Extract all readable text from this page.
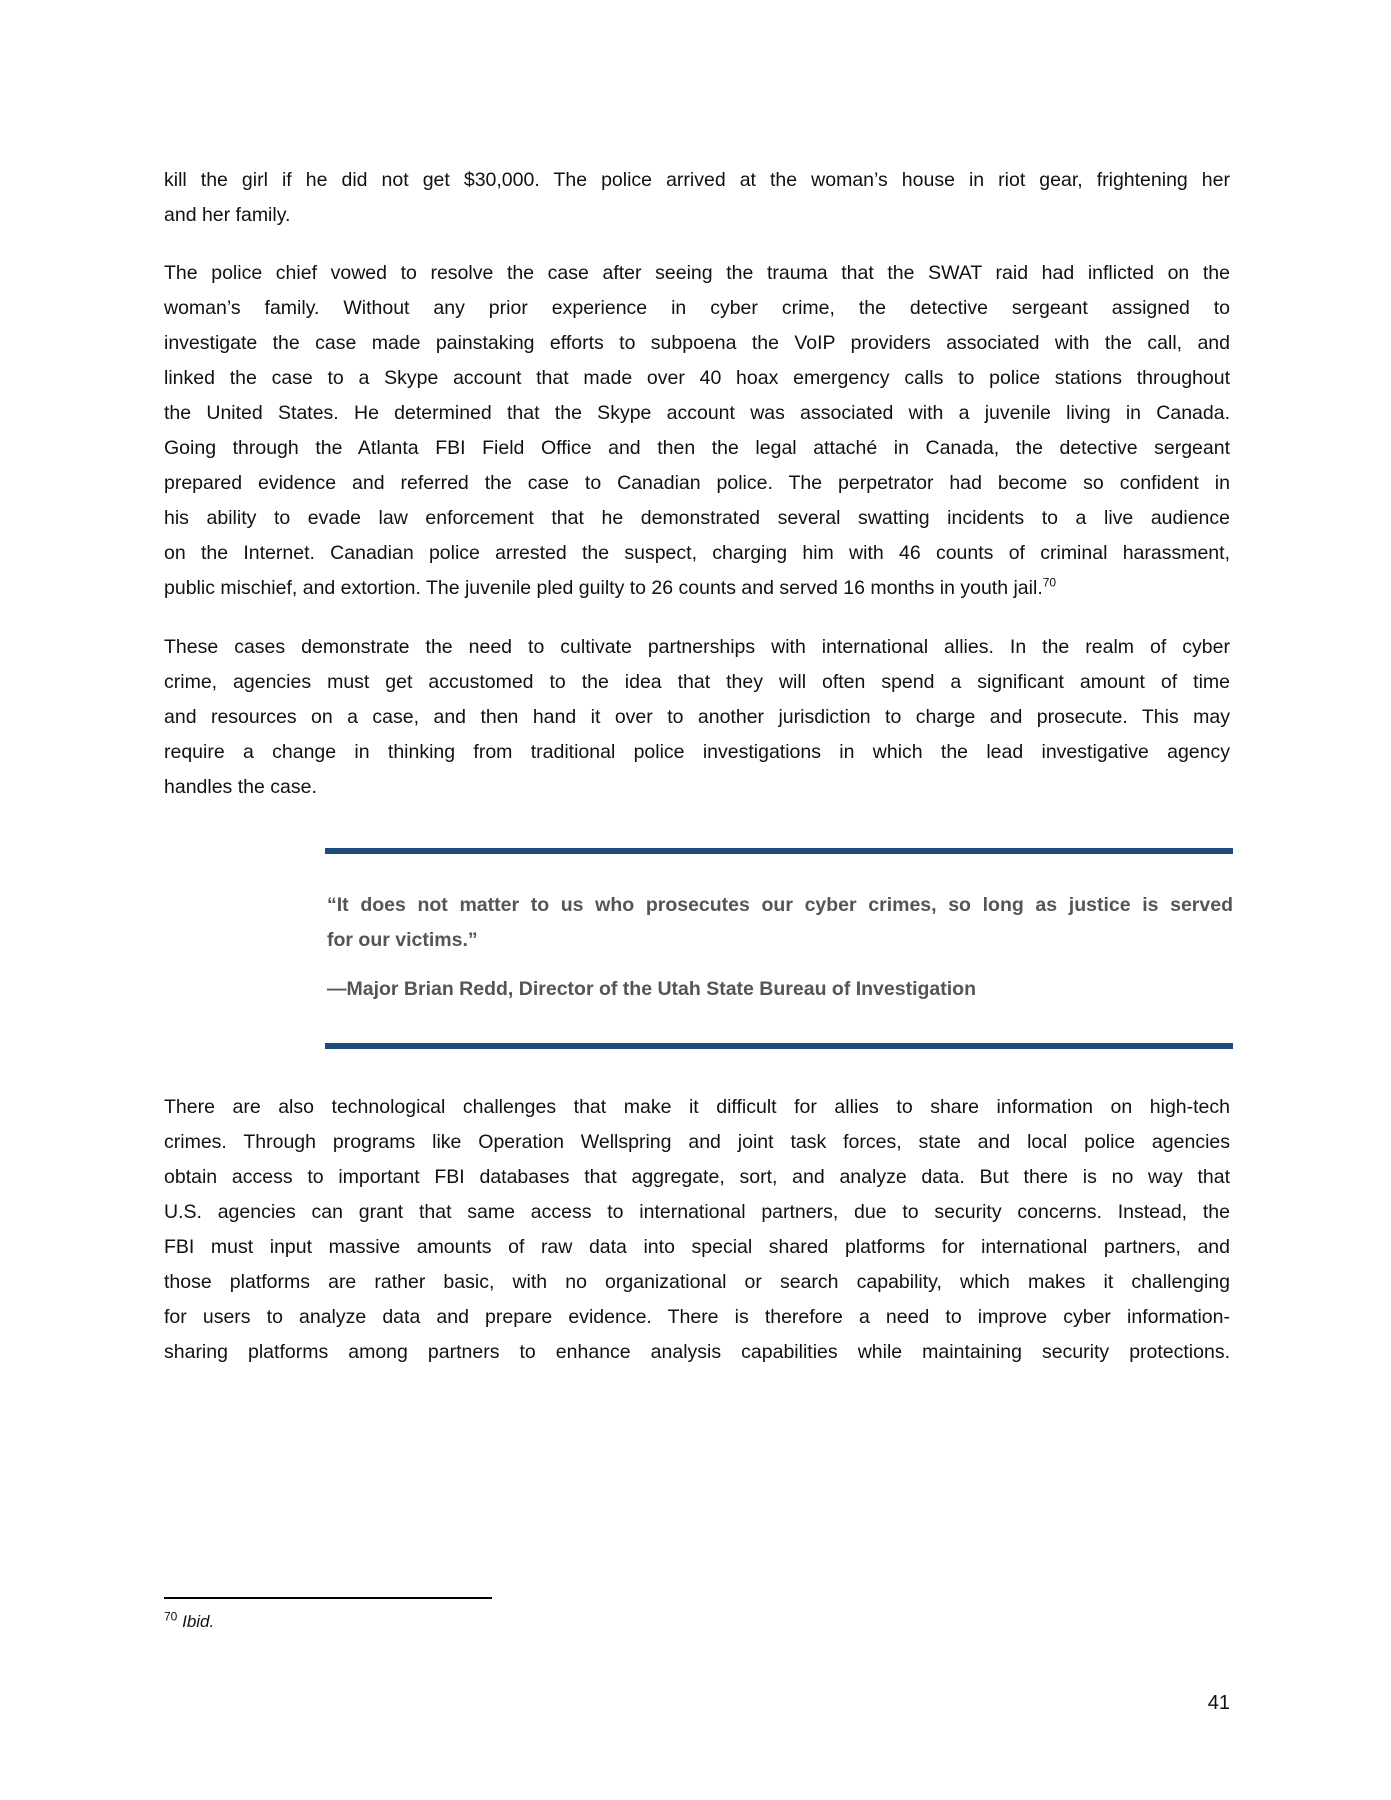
kill the girl if he did not get $30,000. The police arrived at the woman’s house in riot gear, frightening her
and her family.
The police chief vowed to resolve the case after seeing the trauma that the SWAT raid had inflicted on the
woman’s family. Without any prior experience in cyber crime, the detective sergeant assigned to
investigate the case made painstaking efforts to subpoena the VoIP providers associated with the call, and
linked the case to a Skype account that made over 40 hoax emergency calls to police stations throughout
the United States. He determined that the Skype account was associated with a juvenile living in Canada.
Going through the Atlanta FBI Field Office and then the legal attaché in Canada, the detective sergeant
prepared evidence and referred the case to Canadian police. The perpetrator had become so confident in
his ability to evade law enforcement that he demonstrated several swatting incidents to a live audience
on the Internet. Canadian police arrested the suspect, charging him with 46 counts of criminal harassment,
public mischief, and extortion. The juvenile pled guilty to 26 counts and served 16 months in youth jail.$^{70}$
These cases demonstrate the need to cultivate partnerships with international allies. In the realm of cyber
crime, agencies must get accustomed to the idea that they will often spend a significant amount of time
and resources on a case, and then hand it over to another jurisdiction to charge and prosecute. This may
require a change in thinking from traditional police investigations in which the lead investigative agency
handles the case.
“It does not matter to us who prosecutes our cyber crimes, so long as justice is served
for our victims.”
—Major Brian Redd, Director of the Utah State Bureau of Investigation
There are also technological challenges that make it difficult for allies to share information on high-tech
crimes. Through programs like Operation Wellspring and joint task forces, state and local police agencies
obtain access to important FBI databases that aggregate, sort, and analyze data. But there is no way that
U.S. agencies can grant that same access to international partners, due to security concerns. Instead, the
FBI must input massive amounts of raw data into special shared platforms for international partners, and
those platforms are rather basic, with no organizational or search capability, which makes it challenging
for users to analyze data and prepare evidence. There is therefore a need to improve cyber information-
sharing platforms among partners to enhance analysis capabilities while maintaining security protections.
$^{70}$ Ibid.
41
